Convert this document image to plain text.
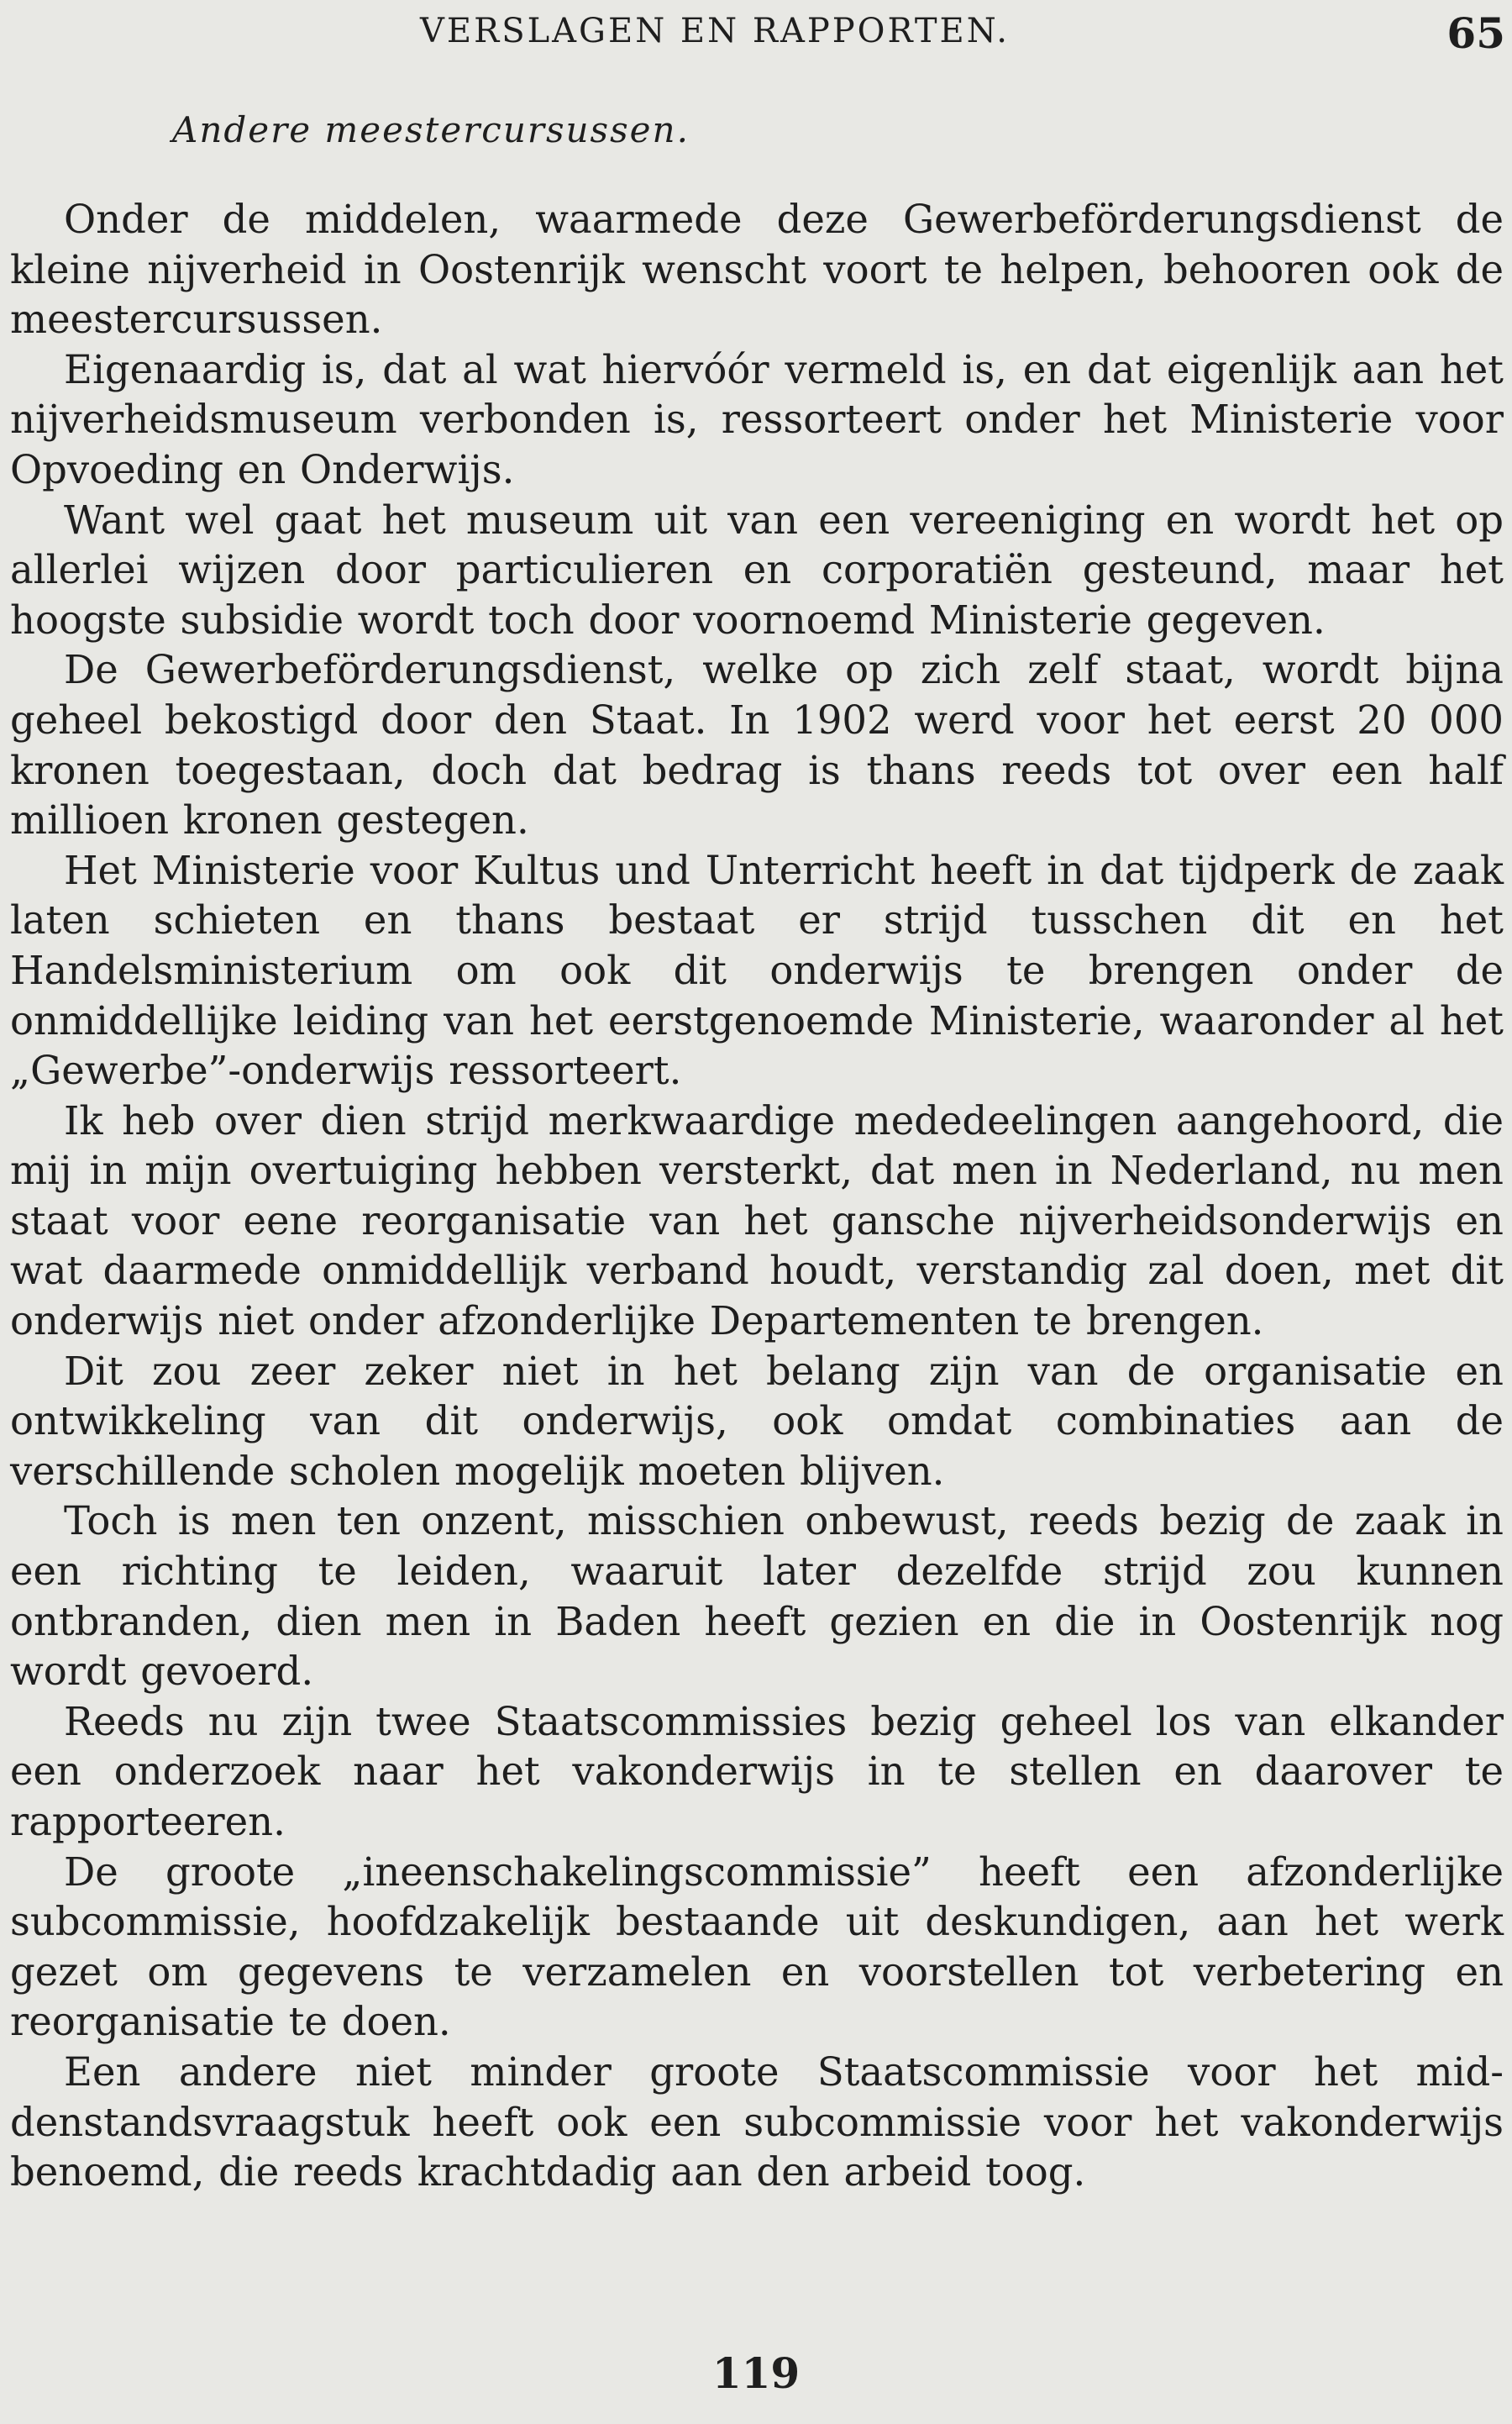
VERSLAGEN EN RAPPORTEN.	65
Andere meestercursussen.

Onder de middelen, waarmede deze Gewerbeförderungsdienst de kleine nijverheid in Oostenrijk wenscht voort te helpen, behooren ook de meestercursussen.

Eigenaardig is, dat al wat hiervóór vermeld is, en dat eigenlijk aan het nijverheidsmuseum verbonden is, ressorteert onder het Ministerie voor Opvoeding en Onderwijs.

Want wel gaat het museum uit van een vereeniging en wordt het op allerlei wijzen door particulieren en corporatiën gesteund, maar het hoogste subsidie wordt toch door voornoemd Ministerie gegeven.

De Gewerbeförderungsdienst, welke op zich zelf staat, wordt bijna geheel bekostigd door den Staat. In 1902 werd voor het eerst 20 000 kronen toegestaan, doch dat bedrag is thans reeds tot over een half millioen kronen gestegen.

Het Ministerie voor Kultus und Unterricht heeft in dat tijdperk de zaak laten schieten en thans bestaat er strijd tusschen dit en het Handelsministerium om ook dit onderwijs te brengen onder de onmiddellijke leiding van het eerstgenoemde Ministerie, waaronder al het „Gewerbe”-onderwijs ressorteert.

Ik heb over dien strijd merkwaardige mededeelingen aangehoord, die mij in mijn overtuiging hebben versterkt, dat men in Nederland, nu men staat voor eene reorganisatie van het gansche nijverheidsonderwijs en wat daarmede onmiddellijk verband houdt, verstandig zal doen, met dit onderwijs niet onder afzonderlijke Departementen te brengen.

Dit zou zeer zeker niet in het belang zijn van de organisatie en ontwikkeling van dit onderwijs, ook omdat combinaties aan de verschillende scholen mogelijk moeten blijven.

Toch is men ten onzent, misschien onbewust, reeds bezig de zaak in een richting te leiden, waaruit later dezelfde strijd zou kunnen ontbranden, dien men in Baden heeft gezien en die in Oostenrijk nog wordt gevoerd.

Reeds nu zijn twee Staatscommissies bezig geheel los van elkander een onderzoek naar het vakonderwijs in te stellen en daarover te rapporteeren.

De groote „ineenschakelingscommissie” heeft een afzonderlijke subcommissie, hoofdzakelijk bestaande uit deskundigen, aan het werk gezet om gegevens te verzamelen en voorstellen tot verbetering en reorganisatie te doen.

Een andere niet minder groote Staatscommissie voor het middenstandsvraagstuk heeft ook een subcommissie voor het vakonderwijs benoemd, die reeds krachtdadig aan den arbeid toog.

119
